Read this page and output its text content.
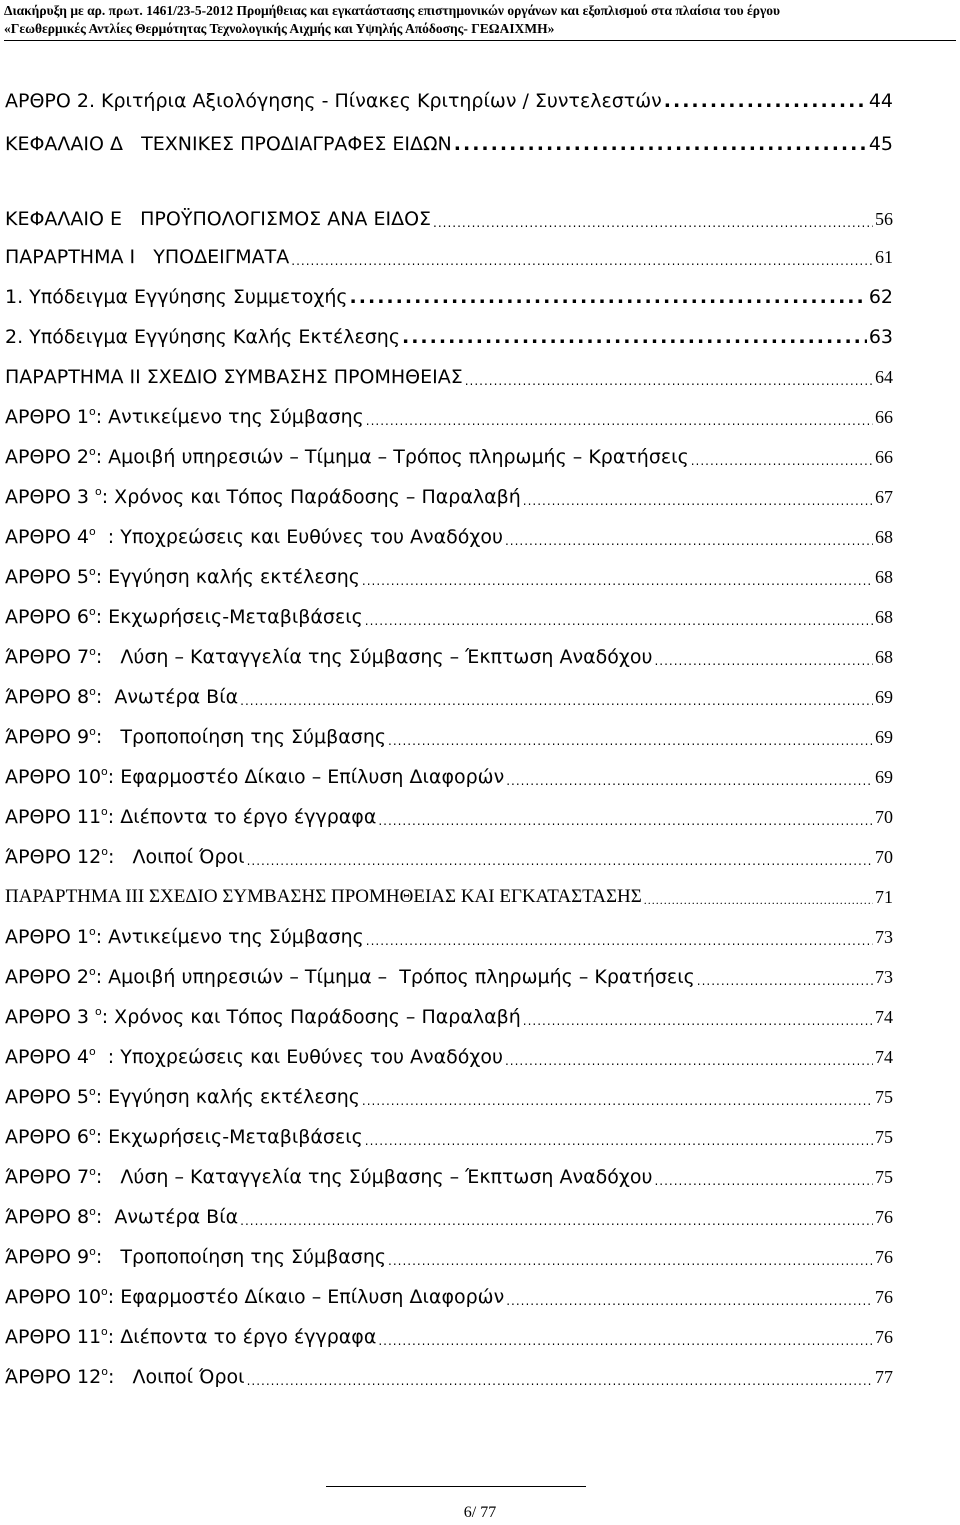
Διακήρυξη με αρ. πρωτ. 1461/23-5-2012 Προμήθειας και εγκατάστασης επιστημονικών οργάνων και εξοπλισμού στα πλαίσια του έργου
«Γεωθερμικές Αντλίες Θερμότητας Τεχνολογικής Αιχμής και Υψηλής Απόδοσης- ΓΕΩΑΙΧΜΗ»
ΑΡΘΡΟ 2. Κριτήρια Αξιολόγησης - Πίνακες Κριτηρίων / Συντελεστών .....	44
ΚΕΦΑΛΑΙΟ Δ   ΤΕΧΝΙΚΕΣ ΠΡΟΔΙΑΓΡΑΦΕΣ ΕΙΔΩΝ .....	45
ΚΕΦΑΛΑΙΟ Ε   ΠΡΟΫΠΟΛΟΓΙΣΜΟΣ ΑΝΑ ΕΙΔΟΣ .....	56
ΠΑΡΑΡΤΗΜΑ Ι   ΥΠΟΔΕΙΓΜΑΤΑ .....	61
1. Υπόδειγμα Εγγύησης Συμμετοχής .....	62
2. Υπόδειγμα Εγγύησης Καλής Εκτέλεσης .....	63
ΠΑΡΑΡΤΗΜΑ ΙΙ ΣΧΕΔΙΟ ΣΥΜΒΑΣΗΣ ΠΡΟΜΗΘΕΙΑΣ .....	64
ΑΡΘΡΟ $1^o$: Αντικείμενο της Σύμβασης .....	66
ΑΡΘΡΟ $2^o$: Αμοιβή υπηρεσιών – Τίμημα – Τρόπος πληρωμής – Κρατήσεις .....	66
ΑΡΘΡΟ 3 $^o$: Χρόνος και Τόπος Παράδοσης – Παραλαβή .....	67
ΑΡΘΡΟ $4^o$  : Υποχρεώσεις και Ευθύνες του Αναδόχου .....	68
ΑΡΘΡΟ $5^o$: Εγγύηση καλής εκτέλεσης .....	68
ΑΡΘΡΟ $6^o$: Εκχωρήσεις-Μεταβιβάσεις .....	68
ΆΡΘΡΟ $7^o$:   Λύση – Καταγγελία της Σύμβασης – Έκπτωση Αναδόχου .....	68
ΆΡΘΡΟ $8^o$:  Ανωτέρα Βία .....	69
ΆΡΘΡΟ $9^o$:   Τροποποίηση της Σύμβασης .....	69
ΑΡΘΡΟ $10^o$: Εφαρμοστέο Δίκαιο – Επίλυση Διαφορών .....	69
ΑΡΘΡΟ $11^o$: Διέποντα το έργο έγγραφα .....	70
ΆΡΘΡΟ $12^o$:   Λοιποί Όροι .....	70
ΠΑΡΑΡΤΗΜΑ ΙΙΙ ΣΧΕΔΙΟ ΣΥΜΒΑΣΗΣ ΠΡΟΜΗΘΕΙΑΣ ΚΑΙ ΕΓΚΑΤΑΣΤΑΣΗΣ .....	71
ΑΡΘΡΟ $1^o$: Αντικείμενο της Σύμβασης .....	73
ΑΡΘΡΟ $2^o$: Αμοιβή υπηρεσιών – Τίμημα –  Τρόπος πληρωμής – Κρατήσεις .....	73
ΑΡΘΡΟ 3 $^o$: Χρόνος και Τόπος Παράδοσης – Παραλαβή .....	74
ΑΡΘΡΟ $4^o$  : Υποχρεώσεις και Ευθύνες του Αναδόχου .....	74
ΑΡΘΡΟ $5^o$: Εγγύηση καλής εκτέλεσης .....	75
ΑΡΘΡΟ $6^o$: Εκχωρήσεις-Μεταβιβάσεις .....	75
ΆΡΘΡΟ $7^o$:   Λύση – Καταγγελία της Σύμβασης – Έκπτωση Αναδόχου .....	75
ΆΡΘΡΟ $8^o$:  Ανωτέρα Βία .....	76
ΆΡΘΡΟ $9^o$:   Τροποποίηση της Σύμβασης .....	76
ΑΡΘΡΟ $10^o$: Εφαρμοστέο Δίκαιο – Επίλυση Διαφορών .....	76
ΑΡΘΡΟ $11^o$: Διέποντα το έργο έγγραφα .....	76
ΆΡΘΡΟ $12^o$:   Λοιποί Όροι .....	77
6/ 77
